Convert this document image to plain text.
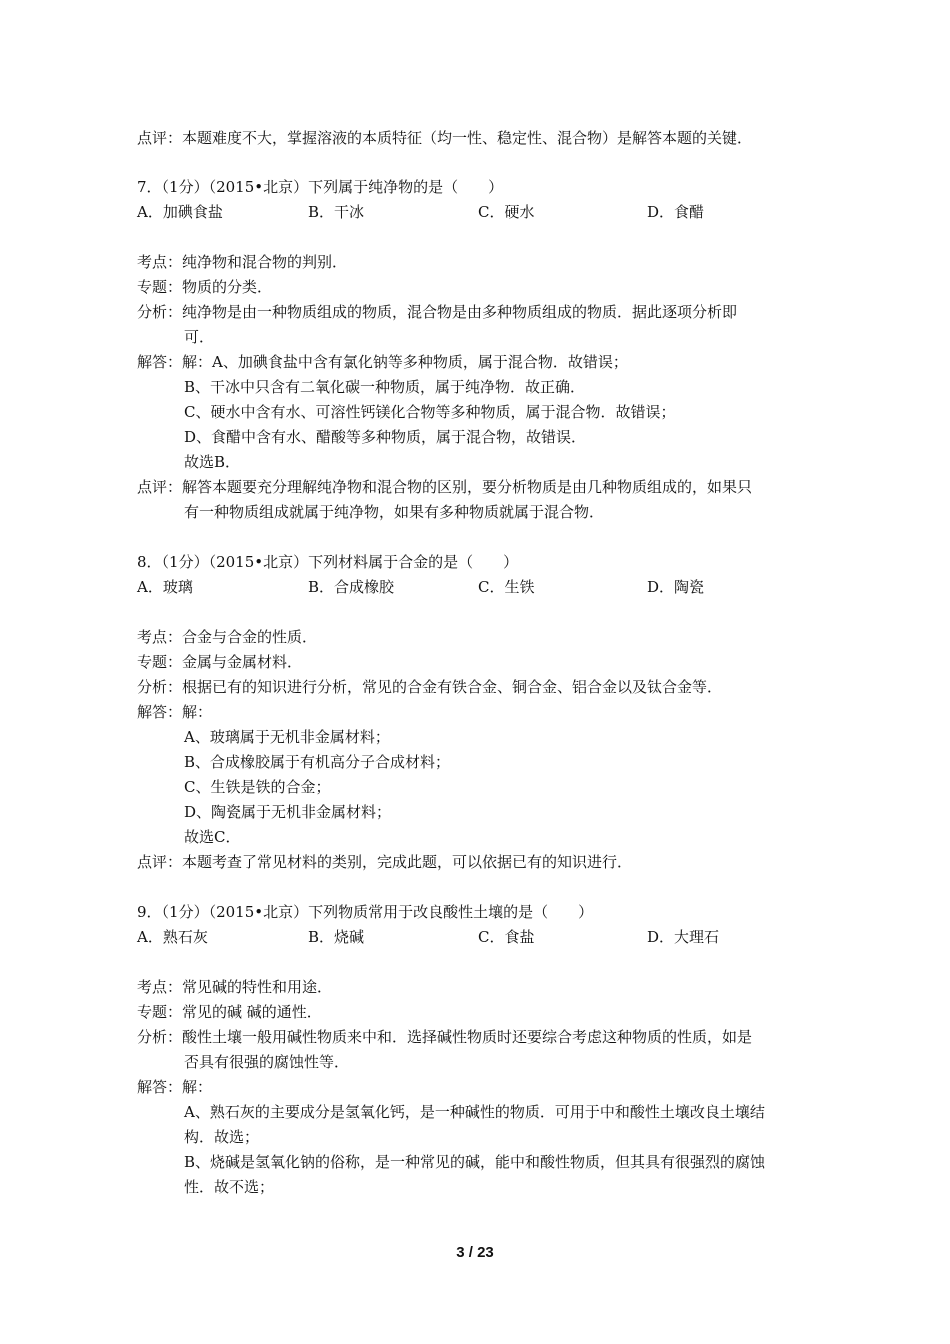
点评：本题难度不大，掌握溶液的本质特征（均一性、稳定性、混合物）是解答本题的关键．
7．（1分）（2015•北京）下列属于纯净物的是（　　）
A．加碘食盐	B．干冰	C．硬水	D．食醋
考点：纯净物和混合物的判别．
专题：物质的分类．
分析：纯净物是由一种物质组成的物质，混合物是由多种物质组成的物质．据此逐项分析即
可．
解答：解：A、加碘食盐中含有氯化钠等多种物质，属于混合物．故错误；
B、干冰中只含有二氧化碳一种物质，属于纯净物．故正确．
C、硬水中含有水、可溶性钙镁化合物等多种物质，属于混合物．故错误；
D、食醋中含有水、醋酸等多种物质，属于混合物，故错误．
故选B．
点评：解答本题要充分理解纯净物和混合物的区别，要分析物质是由几种物质组成的，如果只
有一种物质组成就属于纯净物，如果有多种物质就属于混合物．
8．（1分）（2015•北京）下列材料属于合金的是（　　）
A．玻璃	B．合成橡胶	C．生铁	D．陶瓷
考点：合金与合金的性质．
专题：金属与金属材料．
分析：根据已有的知识进行分析，常见的合金有铁合金、铜合金、铝合金以及钛合金等．
解答：解：
A、玻璃属于无机非金属材料；
B、合成橡胶属于有机高分子合成材料；
C、生铁是铁的合金；
D、陶瓷属于无机非金属材料；
故选C．
点评：本题考查了常见材料的类别，完成此题，可以依据已有的知识进行．
9．（1分）（2015•北京）下列物质常用于改良酸性土壤的是（　　）
A．熟石灰	B．烧碱	C．食盐	D．大理石
考点：常见碱的特性和用途．
专题：常见的碱 碱的通性．
分析：酸性土壤一般用碱性物质来中和．选择碱性物质时还要综合考虑这种物质的性质，如是
否具有很强的腐蚀性等．
解答：解：
A、熟石灰的主要成分是氢氧化钙，是一种碱性的物质．可用于中和酸性土壤改良土壤结
构．故选；
B、烧碱是氢氧化钠的俗称，是一种常见的碱，能中和酸性物质，但其具有很强烈的腐蚀
性．故不选；
3 / 23
